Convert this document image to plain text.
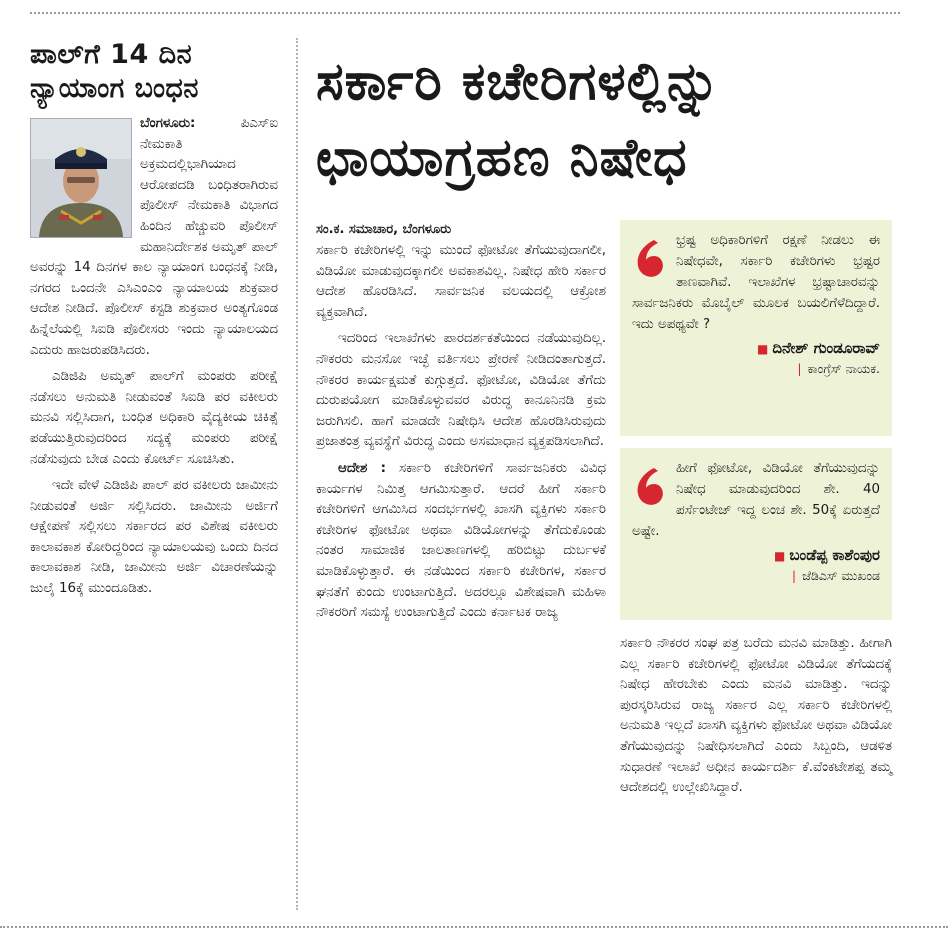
ಪಾಲ್‌ಗೆ 14 ದಿನ
ನ್ಯಾಯಾಂಗ ಬಂಧನ

ಬೆಂಗಳೂರು:	ಪಿಎಸ್‌ಐ ನೇಮಕಾತಿ ಅಕ್ರಮದಲ್ಲಿಭಾಗಿಯಾದ ಆರೋಪದಡಿ ಬಂಧಿತರಾಗಿರುವ ಪೊಲೀಸ್ ನೇಮಕಾತಿ ವಿಭಾಗದ ಹಿಂದಿನ ಹೆಚ್ಚುವರಿ ಪೊಲೀಸ್ ಮಹಾನಿರ್ದೇಶಕ ಅಮೃತ್ ಪಾಲ್ ಅವರನ್ನು 14 ದಿನಗಳ ಕಾಲ ನ್ಯಾಯಾಂಗ ಬಂಧನಕ್ಕೆ ನೀಡಿ, ನಗರದ ಒಂದನೇ ಎಸಿಎಂಎಂ ನ್ಯಾಯಾಲಯ ಶುಕ್ರವಾರ ಆದೇಶ ನೀಡಿದೆ. ಪೊಲೀಸ್ ಕಸ್ಟಡಿ ಶುಕ್ರವಾರ ಅಂತ್ಯಗೊಂಡ ಹಿನ್ನೆಲೆಯಲ್ಲಿ ಸಿಐಡಿ ಪೊಲೀಸರು ಇಂದು ನ್ಯಾಯಾಲಯದ ಎದುರು ಹಾಜರುಪಡಿಸಿದರು.

ಎಡಿಜಿಪಿ ಅಮೃತ್ ಪಾಲ್‌ಗೆ ಮಂಪರು ಪರೀಕ್ಷೆ ನಡೆಸಲು ಅನುಮತಿ ನೀಡುವಂತೆ ಸಿಐಡಿ ಪರ ವಕೀಲರು ಮನವಿ ಸಲ್ಲಿಸಿದಾಗ, ಬಂಧಿತ ಅಧಿಕಾರಿ ವೈದ್ಯಕೀಯ ಚಿಕಿತ್ಸೆ ಪಡೆಯುತ್ತಿರುವುದರಿಂದ ಸದ್ಯಕ್ಕೆ ಮಂಪರು ಪರೀಕ್ಷೆ ನಡೆಸುವುದು ಬೇಡ ಎಂದು ಕೋರ್ಟ್ ಸೂಚಿಸಿತು.

ಇದೇ ವೇಳೆ ಎಡಿಜಿಪಿ ಪಾಲ್ ಪರ ವಕೀಲರು ಜಾಮೀನು ನೀಡುವಂತೆ ಅರ್ಜಿ ಸಲ್ಲಿಸಿದರು. ಜಾಮೀನು ಅರ್ಜಿಗೆ ಆಕ್ಷೇಪಣೆ ಸಲ್ಲಿಸಲು ಸರ್ಕಾರದ ಪರ ವಿಶೇಷ ವಕೀಲರು ಕಾಲಾವಕಾಶ ಕೋರಿದ್ದರಿಂದ ನ್ಯಾಯಾಲಯವು ಒಂದು ದಿನದ ಕಾಲಾವಕಾಶ ನೀಡಿ, ಜಾಮೀನು ಅರ್ಜಿ ವಿಚಾರಣೆಯನ್ನು ಜುಲೈ 16ಕ್ಕೆ ಮುಂದೂಡಿತು.

ಸರ್ಕಾರಿ ಕಚೇರಿಗಳಲ್ಲಿನ್ನು
ಛಾಯಾಗ್ರಹಣ ನಿಷೇಧ

ಸಂ.ಕ. ಸಮಾಚಾರ, ಬೆಂಗಳೂರು

ಸರ್ಕಾರಿ ಕಚೇರಿಗಳಲ್ಲಿ ಇನ್ನು ಮುಂದೆ ಫೋಟೋ ತೆಗೆಯುವುದಾಗಲೀ, ವಿಡಿಯೋ ಮಾಡುವುದಕ್ಕಾಗಲೀ ಅವಕಾಶವಿಲ್ಲ. ನಿಷೇಧ ಹೇರಿ ಸರ್ಕಾರ ಆದೇಶ ಹೊರಡಿಸಿದೆ. ಸಾರ್ವಜನಿಕ ವಲಯದಲ್ಲಿ ಆಕ್ರೋಶ ವ್ಯಕ್ತವಾಗಿದೆ.

ಇದರಿಂದ ಇಲಾಖೆಗಳು ಪಾರದರ್ಶಕತೆಯಿಂದ ನಡೆಯುವುದಿಲ್ಲ. ನೌಕರರು ಮನಸೋ ಇಚ್ಛೆ ವರ್ತಿಸಲು ಪ್ರೇರಣೆ ನೀಡಿದಂತಾಗುತ್ತದೆ. ನೌಕರರ ಕಾರ್ಯಕ್ಷಮತೆ ಕುಗ್ಗುತ್ತದೆ. ಫೋಟೋ, ವಿಡಿಯೋ ತೆಗೆದು ದುರುಪಯೋಗ ಮಾಡಿಕೊಳ್ಳುವವರ ವಿರುದ್ಧ ಕಾನೂನಿನಡಿ ಕ್ರಮ ಜರುಗಿಸಲಿ. ಹಾಗೆ ಮಾಡದೇ ನಿಷೇಧಿಸಿ ಆದೇಶ ಹೊರಡಿಸಿರುವುದು ಪ್ರಜಾತಂತ್ರ ವ್ಯವಸ್ಥೆಗೆ ವಿರುದ್ಧ ಎಂದು ಅಸಮಾಧಾನ ವ್ಯಕ್ತಪಡಿಸಲಾಗಿದೆ.

ಆದೇಶ : ಸರ್ಕಾರಿ ಕಚೇರಿಗಳಿಗೆ ಸಾರ್ವಜನಿಕರು ವಿವಿಧ ಕಾರ್ಯಗಳ ನಿಮಿತ್ತ ಆಗಮಿಸುತ್ತಾರೆ. ಆದರೆ ಹೀಗೆ ಸರ್ಕಾರಿ ಕಚೇರಿಗಳಿಗೆ ಆಗಮಿಸಿದ ಸಂದರ್ಭಗಳಲ್ಲಿ ಖಾಸಗಿ ವ್ಯಕ್ತಿಗಳು ಸರ್ಕಾರಿ ಕಚೇರಿಗಳ ಫೋಟೋ ಅಥವಾ ವಿಡಿಯೋಗಳನ್ನು ತೆಗೆದುಕೊಂಡು ನಂತರ ಸಾಮಾಜಿಕ ಜಾಲತಾಣಗಳಲ್ಲಿ ಹರಿಬಿಟ್ಟು ದುರ್ಬಳಕೆ ಮಾಡಿಕೊಳ್ಳುತ್ತಾರೆ. ಈ ನಡೆಯಿಂದ ಸರ್ಕಾರಿ ಕಚೇರಿಗಳ, ಸರ್ಕಾರ ಘನತೆಗೆ ಕುಂದು ಉಂಟಾಗುತ್ತಿದೆ. ಅದರಲ್ಲೂ ವಿಶೇಷವಾಗಿ ಮಹಿಳಾ ನೌಕರರಿಗೆ ಸಮಸ್ಯೆ ಉಂಟಾಗುತ್ತಿದೆ ಎಂದು ಕರ್ನಾಟಕ ರಾಜ್ಯ

ಭ್ರಷ್ಟ ಅಧಿಕಾರಿಗಳಿಗೆ ರಕ್ಷಣೆ ನೀಡಲು ಈ ನಿಷೇಧವೇ, ಸರ್ಕಾರಿ ಕಚೇರಿಗಳು ಭ್ರಷ್ಟರ ತಾಣವಾಗಿವೆ. ಇಲಾಖೆಗಳ ಭ್ರಷ್ಟಾಚಾರವನ್ನು ಸಾರ್ವಜನಿಕರು ಮೊಬೈಲ್ ಮೂಲಕ ಬಯಲಿಗೆಳೆದಿದ್ದಾರೆ. ಇದು ಅಪಥ್ಯವೇ ?

■ ದಿನೇಶ್ ಗುಂಡೂರಾವ್
| ಕಾಂಗ್ರೆಸ್ ನಾಯಕ.

ಹೀಗೆ ಫೋಟೋ, ವಿಡಿಯೋ ತೆಗೆಯುವುದನ್ನು ನಿಷೇಧ ಮಾಡುವುದರಿಂದ ಶೇ. 40 ಪರ್ಸೆಂಟೇಜ್ ಇದ್ದ ಲಂಚ ಶೇ. 50ಕ್ಕೆ ಏರುತ್ತದೆ ಅಷ್ಟೇ.

■ ಬಂಡೆಪ್ಪ ಕಾಶೆಂಪುರ
| ಜೆಡಿಎಸ್ ಮುಖಂಡ

ಸರ್ಕಾರಿ ನೌಕರರ ಸಂಘ ಪತ್ರ ಬರೆದು ಮನವಿ ಮಾಡಿತ್ತು. ಹೀಗಾಗಿ ಎಲ್ಲ ಸರ್ಕಾರಿ ಕಚೇರಿಗಳಲ್ಲಿ ಫೋಟೋ ವಿಡಿಯೋ ತೆಗೆಯದಕ್ಕೆ ನಿಷೇಧ ಹೇರಬೇಕು ಎಂದು ಮನವಿ ಮಾಡಿತ್ತು. ಇದನ್ನು ಪುರಸ್ಕರಿಸಿರುವ ರಾಜ್ಯ ಸರ್ಕಾರ ಎಲ್ಲ ಸರ್ಕಾರಿ ಕಚೇರಿಗಳಲ್ಲಿ ಅನುಮತಿ ಇಲ್ಲದೆ ಖಾಸಗಿ ವ್ಯಕ್ತಿಗಳು ಫೋಟೋ ಅಥವಾ ವಿಡಿಯೋ ತೆಗೆಯುವುದನ್ನು ನಿಷೇಧಿಸಲಾಗಿದೆ ಎಂದು ಸಿಬ್ಬಂದಿ, ಆಡಳಿತ ಸುಧಾರಣೆ ಇಲಾಖೆ ಅಧೀನ ಕಾರ್ಯದರ್ಶಿ ಕೆ.ವೆಂಕಟೇಶಪ್ಪ ತಮ್ಮ ಆದೇಶದಲ್ಲಿ ಉಲ್ಲೇಖಿಸಿದ್ದಾರೆ.
